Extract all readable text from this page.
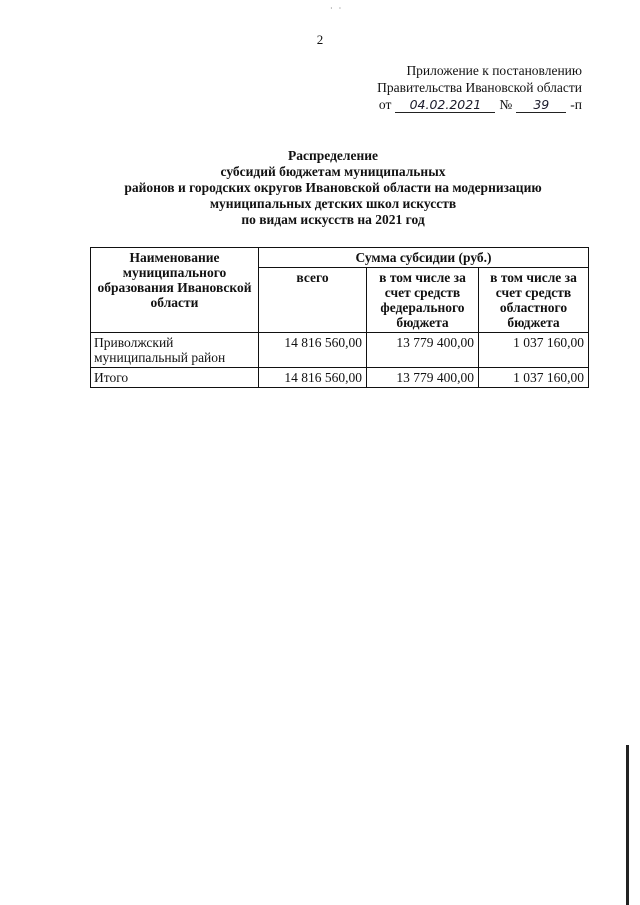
·   ·
2
Приложение к постановлению
Правительства Ивановской области
от	04.02.2021	№	39	-п
Распределение
субсидий бюджетам муниципальных
районов и городских округов Ивановской области на модернизацию
муниципальных детских школ искусств
по видам искусств на 2021 год
Наименование муниципального образования Ивановской области	Сумма субсидии (руб.)		
	всего	в том числе за счет средств федерального бюджета	в том числе за счет средств областного бюджета
Приволжский муниципальный район	14 816 560,00	13 779 400,00	1 037 160,00
Итого	14 816 560,00	13 779 400,00	1 037 160,00
